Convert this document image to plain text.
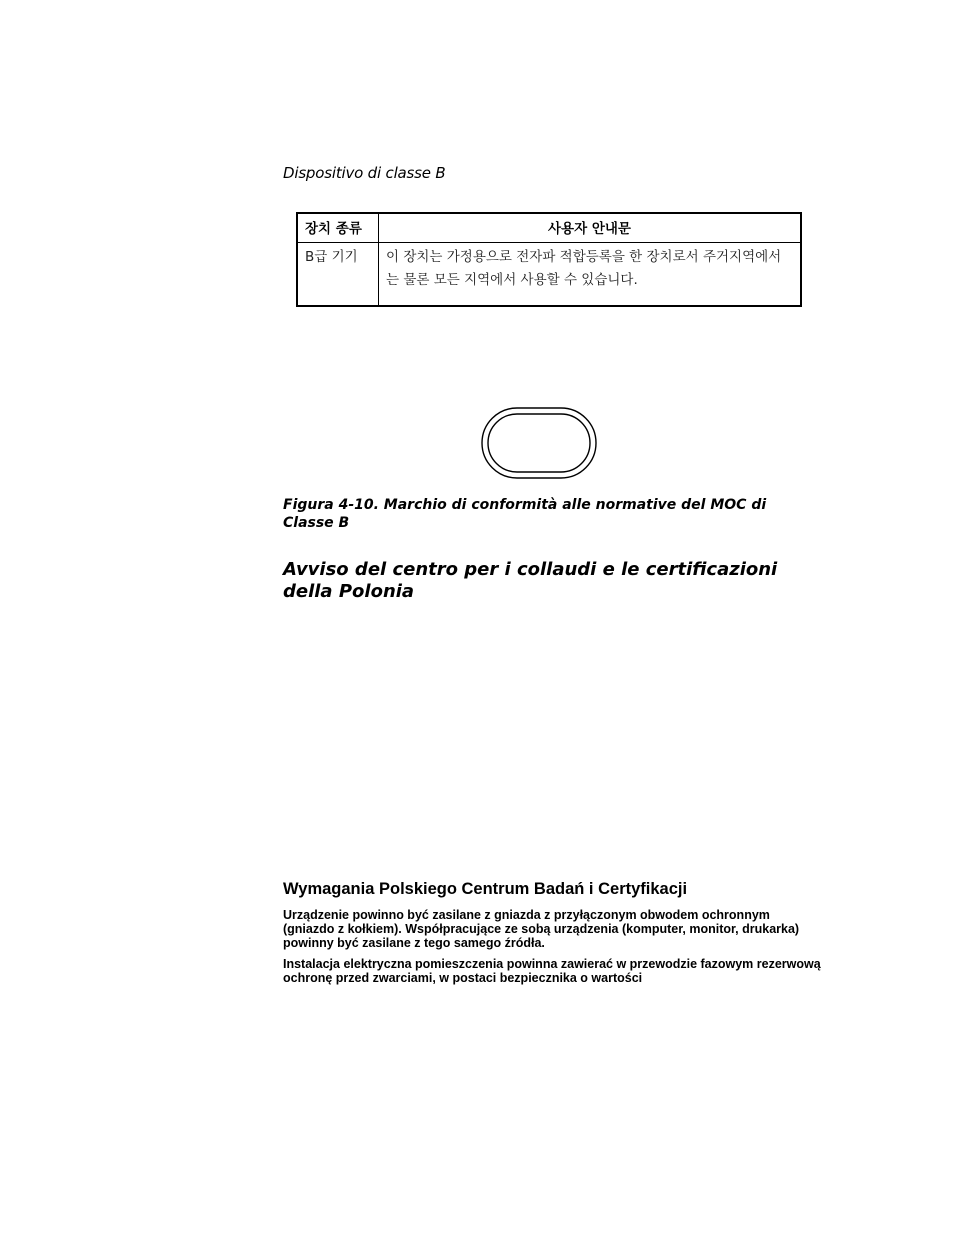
Dispositivo di classe B
장치 종류	사용자 안내문
B급 기기	이 장치는 가정용으로 전자파 적합등록을 한 장치로서 주거지역에서는 물론 모든 지역에서 사용할 수 있습니다.
Figura 4-10. Marchio di conformità alle normative del MOC di Classe B
Avviso del centro per i collaudi e le certificazioni della Polonia
Wymagania Polskiego Centrum Badań i Certyfikacji
Urządzenie powinno być zasilane z gniazda z przyłączonym obwodem ochronnym (gniazdo z kołkiem). Współpracujące ze sobą urządzenia (komputer, monitor, drukarka) powinny być zasilane z tego samego źródła.
Instalacja elektryczna pomieszczenia powinna zawierać w przewodzie fazowym rezerwową ochronę przed zwarciami, w postaci bezpiecznika o wartości
